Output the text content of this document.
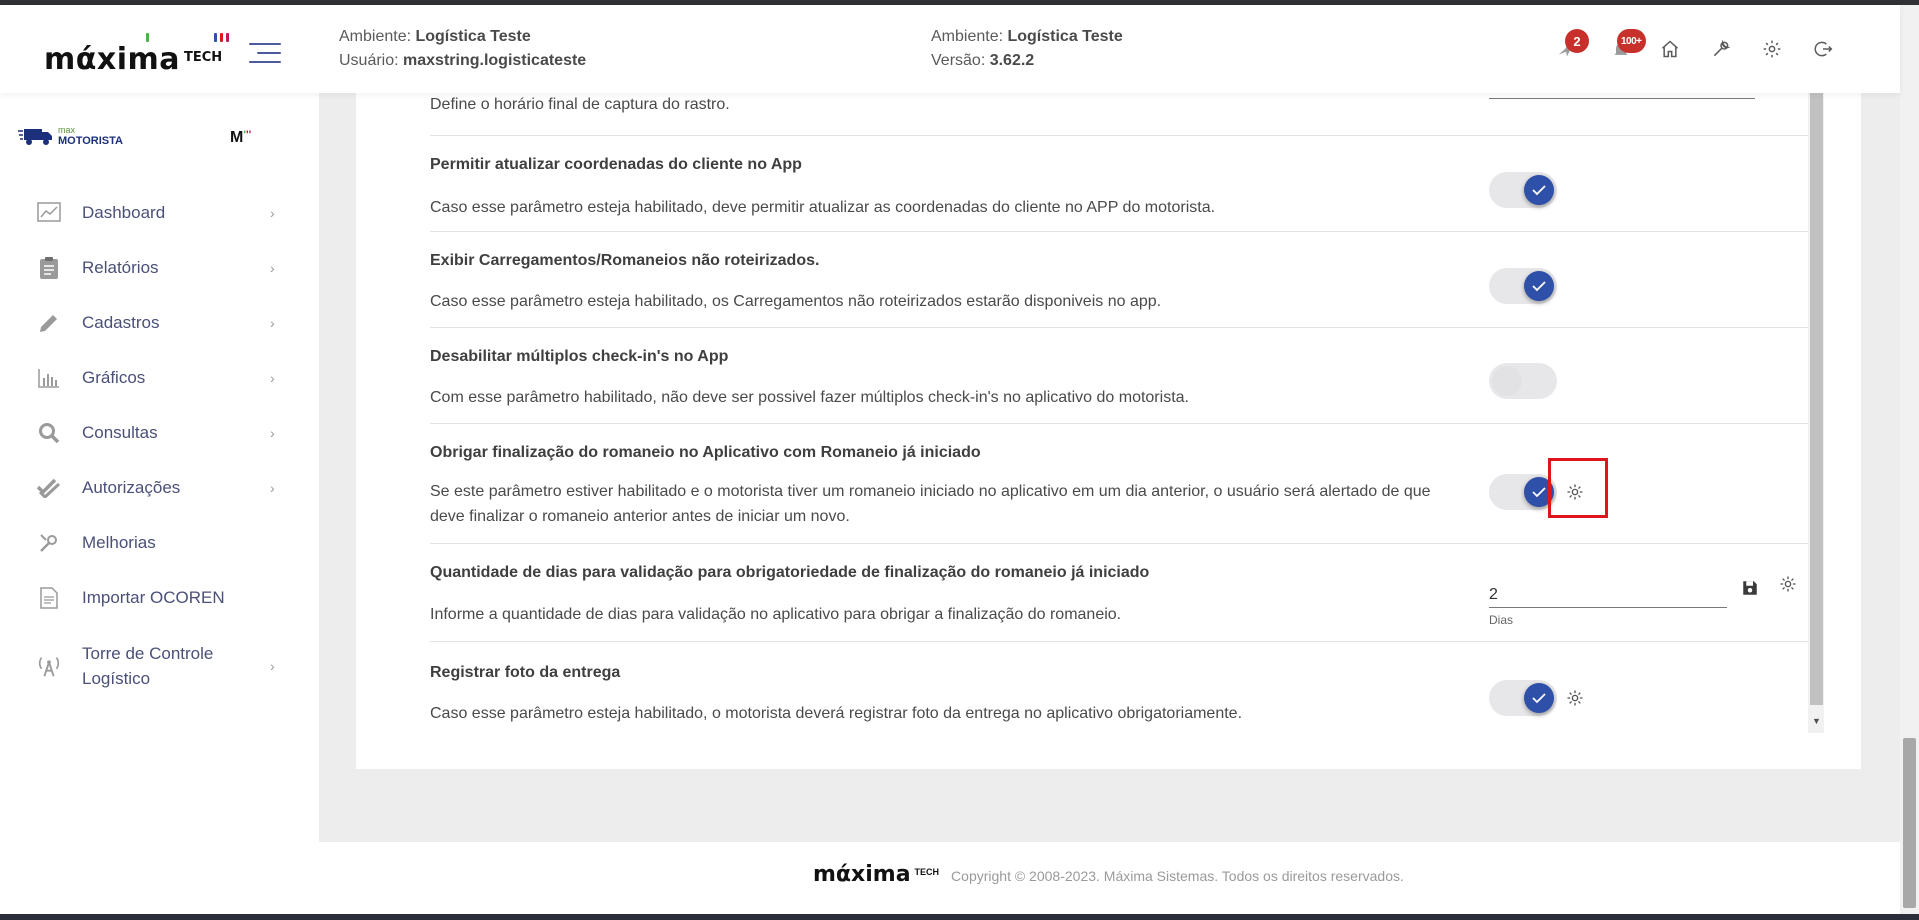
mάxima TECH
Ambiente: Logística Teste
Usuário: maxstring.logisticateste
Ambiente: Logística Teste
Versão: 3.62.2
2	100+
max
MOTORISTA	M'''
Dashboard	›
Relatórios	›
Cadastros	›
Gráficos	›
Consultas	›
Autorizações	›
Melhorias
Importar OCOREN
Torre de Controle Logístico
›
Define o horário final de captura do rastro.
Permitir atualizar coordenadas do cliente no App
Caso esse parâmetro esteja habilitado, deve permitir atualizar as coordenadas do cliente no APP do motorista.
Exibir Carregamentos/Romaneios não roteirizados.
Caso esse parâmetro esteja habilitado, os Carregamentos não roteirizados estarão disponiveis no app.
Desabilitar múltiplos check-in's no App
Com esse parâmetro habilitado, não deve ser possivel fazer múltiplos check-in's no aplicativo do motorista.
Obrigar finalização do romaneio no Aplicativo com Romaneio já iniciado
Se este parâmetro estiver habilitado e o motorista tiver um romaneio iniciado no aplicativo em um dia anterior, o usuário será alertado de que deve finalizar o romaneio anterior antes de iniciar um novo.
Quantidade de dias para validação para obrigatoriedade de finalização do romaneio já iniciado
Informe a quantidade de dias para validação no aplicativo para obrigar a finalização do romaneio.
Registrar foto da entrega
Caso esse parâmetro esteja habilitado, o motorista deverá registrar foto da entrega no aplicativo obrigatoriamente.
2
Dias
▼
mάxima TECH Copyright © 2008-2023. Máxima Sistemas. Todos os direitos reservados.
